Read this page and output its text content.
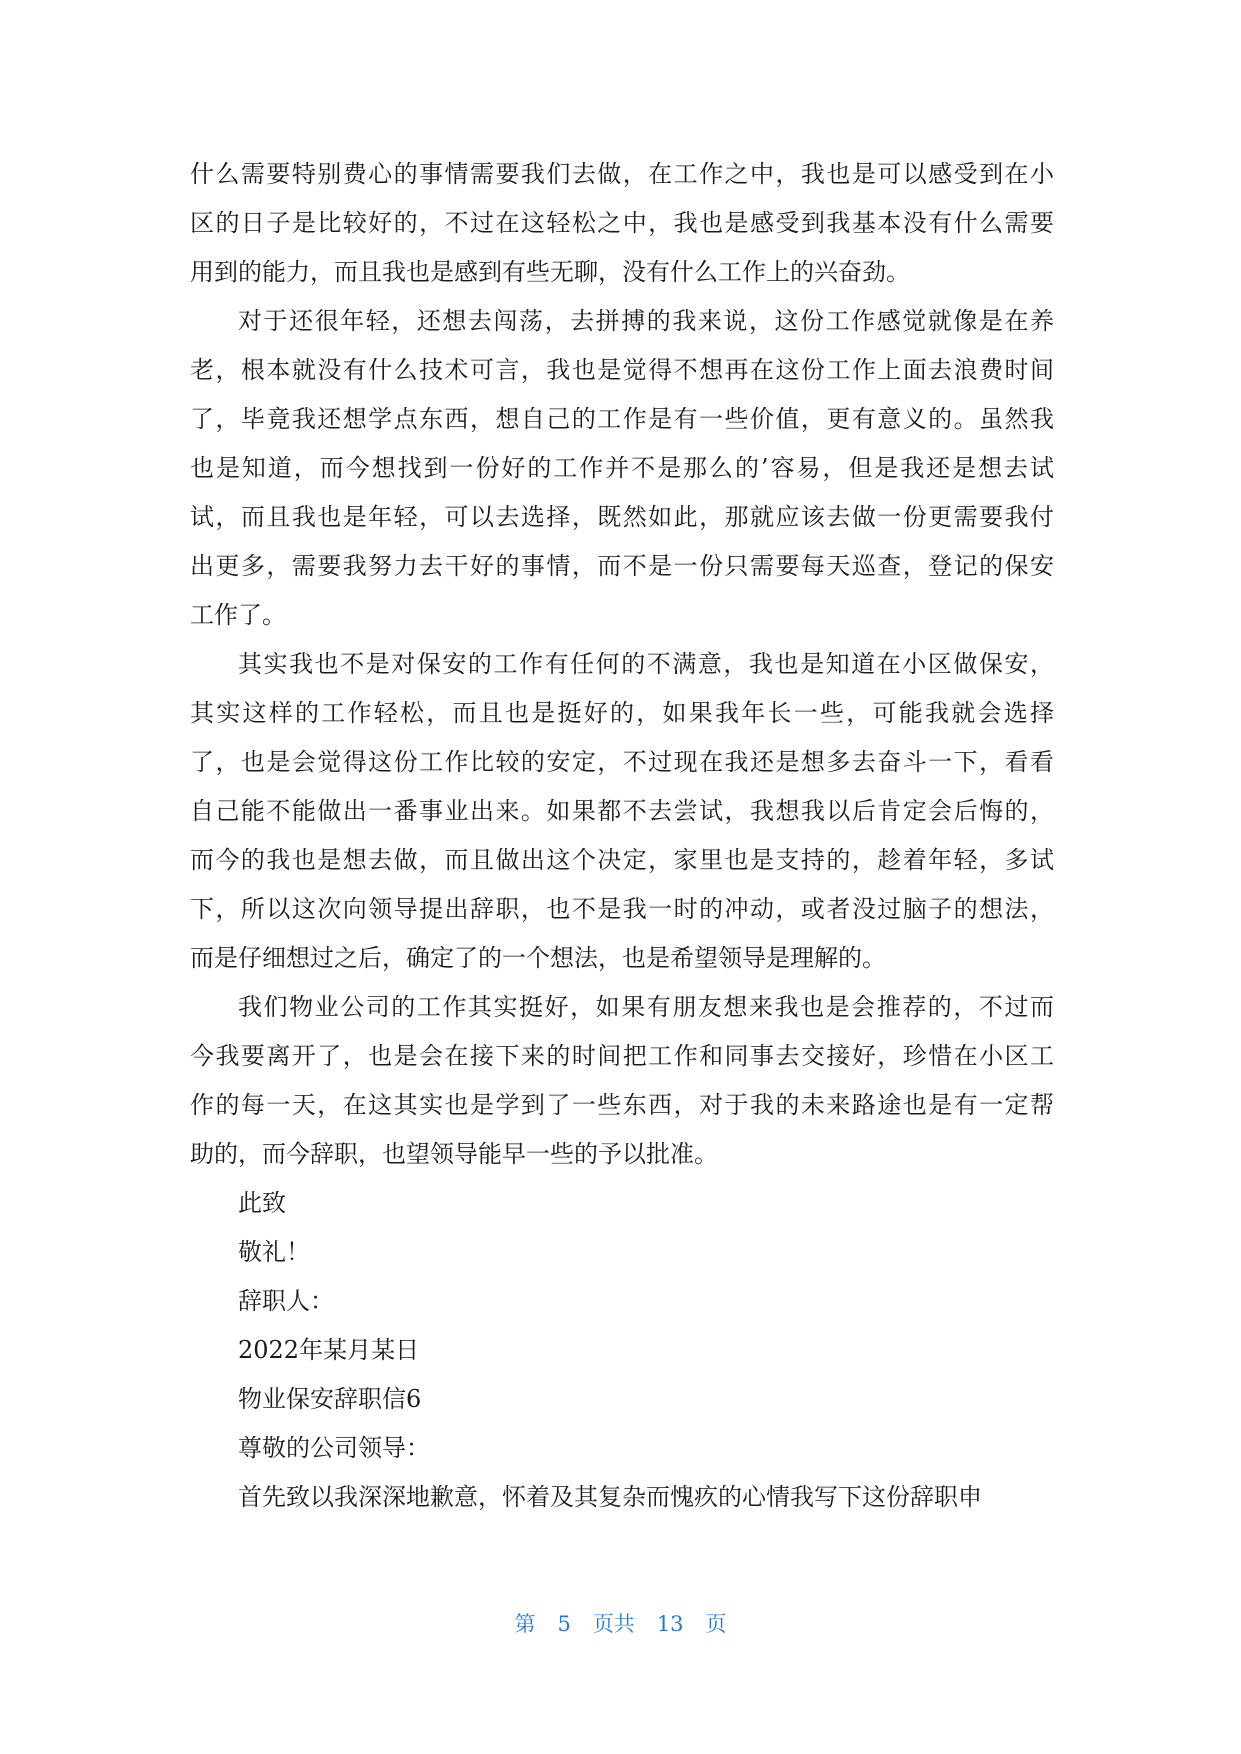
什么需要特别费心的事情需要我们去做，在工作之中，我也是可以感受到在小
区的日子是比较好的，不过在这轻松之中，我也是感受到我基本没有什么需要
用到的能力，而且我也是感到有些无聊，没有什么工作上的兴奋劲。
对于还很年轻，还想去闯荡，去拼搏的我来说，这份工作感觉就像是在养
老，根本就没有什么技术可言，我也是觉得不想再在这份工作上面去浪费时间
了，毕竟我还想学点东西，想自己的工作是有一些价值，更有意义的。虽然我
也是知道，而今想找到一份好的工作并不是那么的’容易，但是我还是想去试
试，而且我也是年轻，可以去选择，既然如此，那就应该去做一份更需要我付
出更多，需要我努力去干好的事情，而不是一份只需要每天巡查，登记的保安
工作了。
其实我也不是对保安的工作有任何的不满意，我也是知道在小区做保安，
其实这样的工作轻松，而且也是挺好的，如果我年长一些，可能我就会选择
了，也是会觉得这份工作比较的安定，不过现在我还是想多去奋斗一下，看看
自己能不能做出一番事业出来。如果都不去尝试，我想我以后肯定会后悔的，
而今的我也是想去做，而且做出这个决定，家里也是支持的，趁着年轻，多试
下，所以这次向领导提出辞职，也不是我一时的冲动，或者没过脑子的想法，
而是仔细想过之后，确定了的一个想法，也是希望领导是理解的。
我们物业公司的工作其实挺好，如果有朋友想来我也是会推荐的，不过而
今我要离开了，也是会在接下来的时间把工作和同事去交接好，珍惜在小区工
作的每一天，在这其实也是学到了一些东西，对于我的未来路途也是有一定帮
助的，而今辞职，也望领导能早一些的予以批准。
此致
敬礼！
辞职人：
2022年某月某日
物业保安辞职信6
尊敬的公司领导：
首先致以我深深地歉意，怀着及其复杂而愧疚的心情我写下这份辞职申
第 5 页共 13 页
